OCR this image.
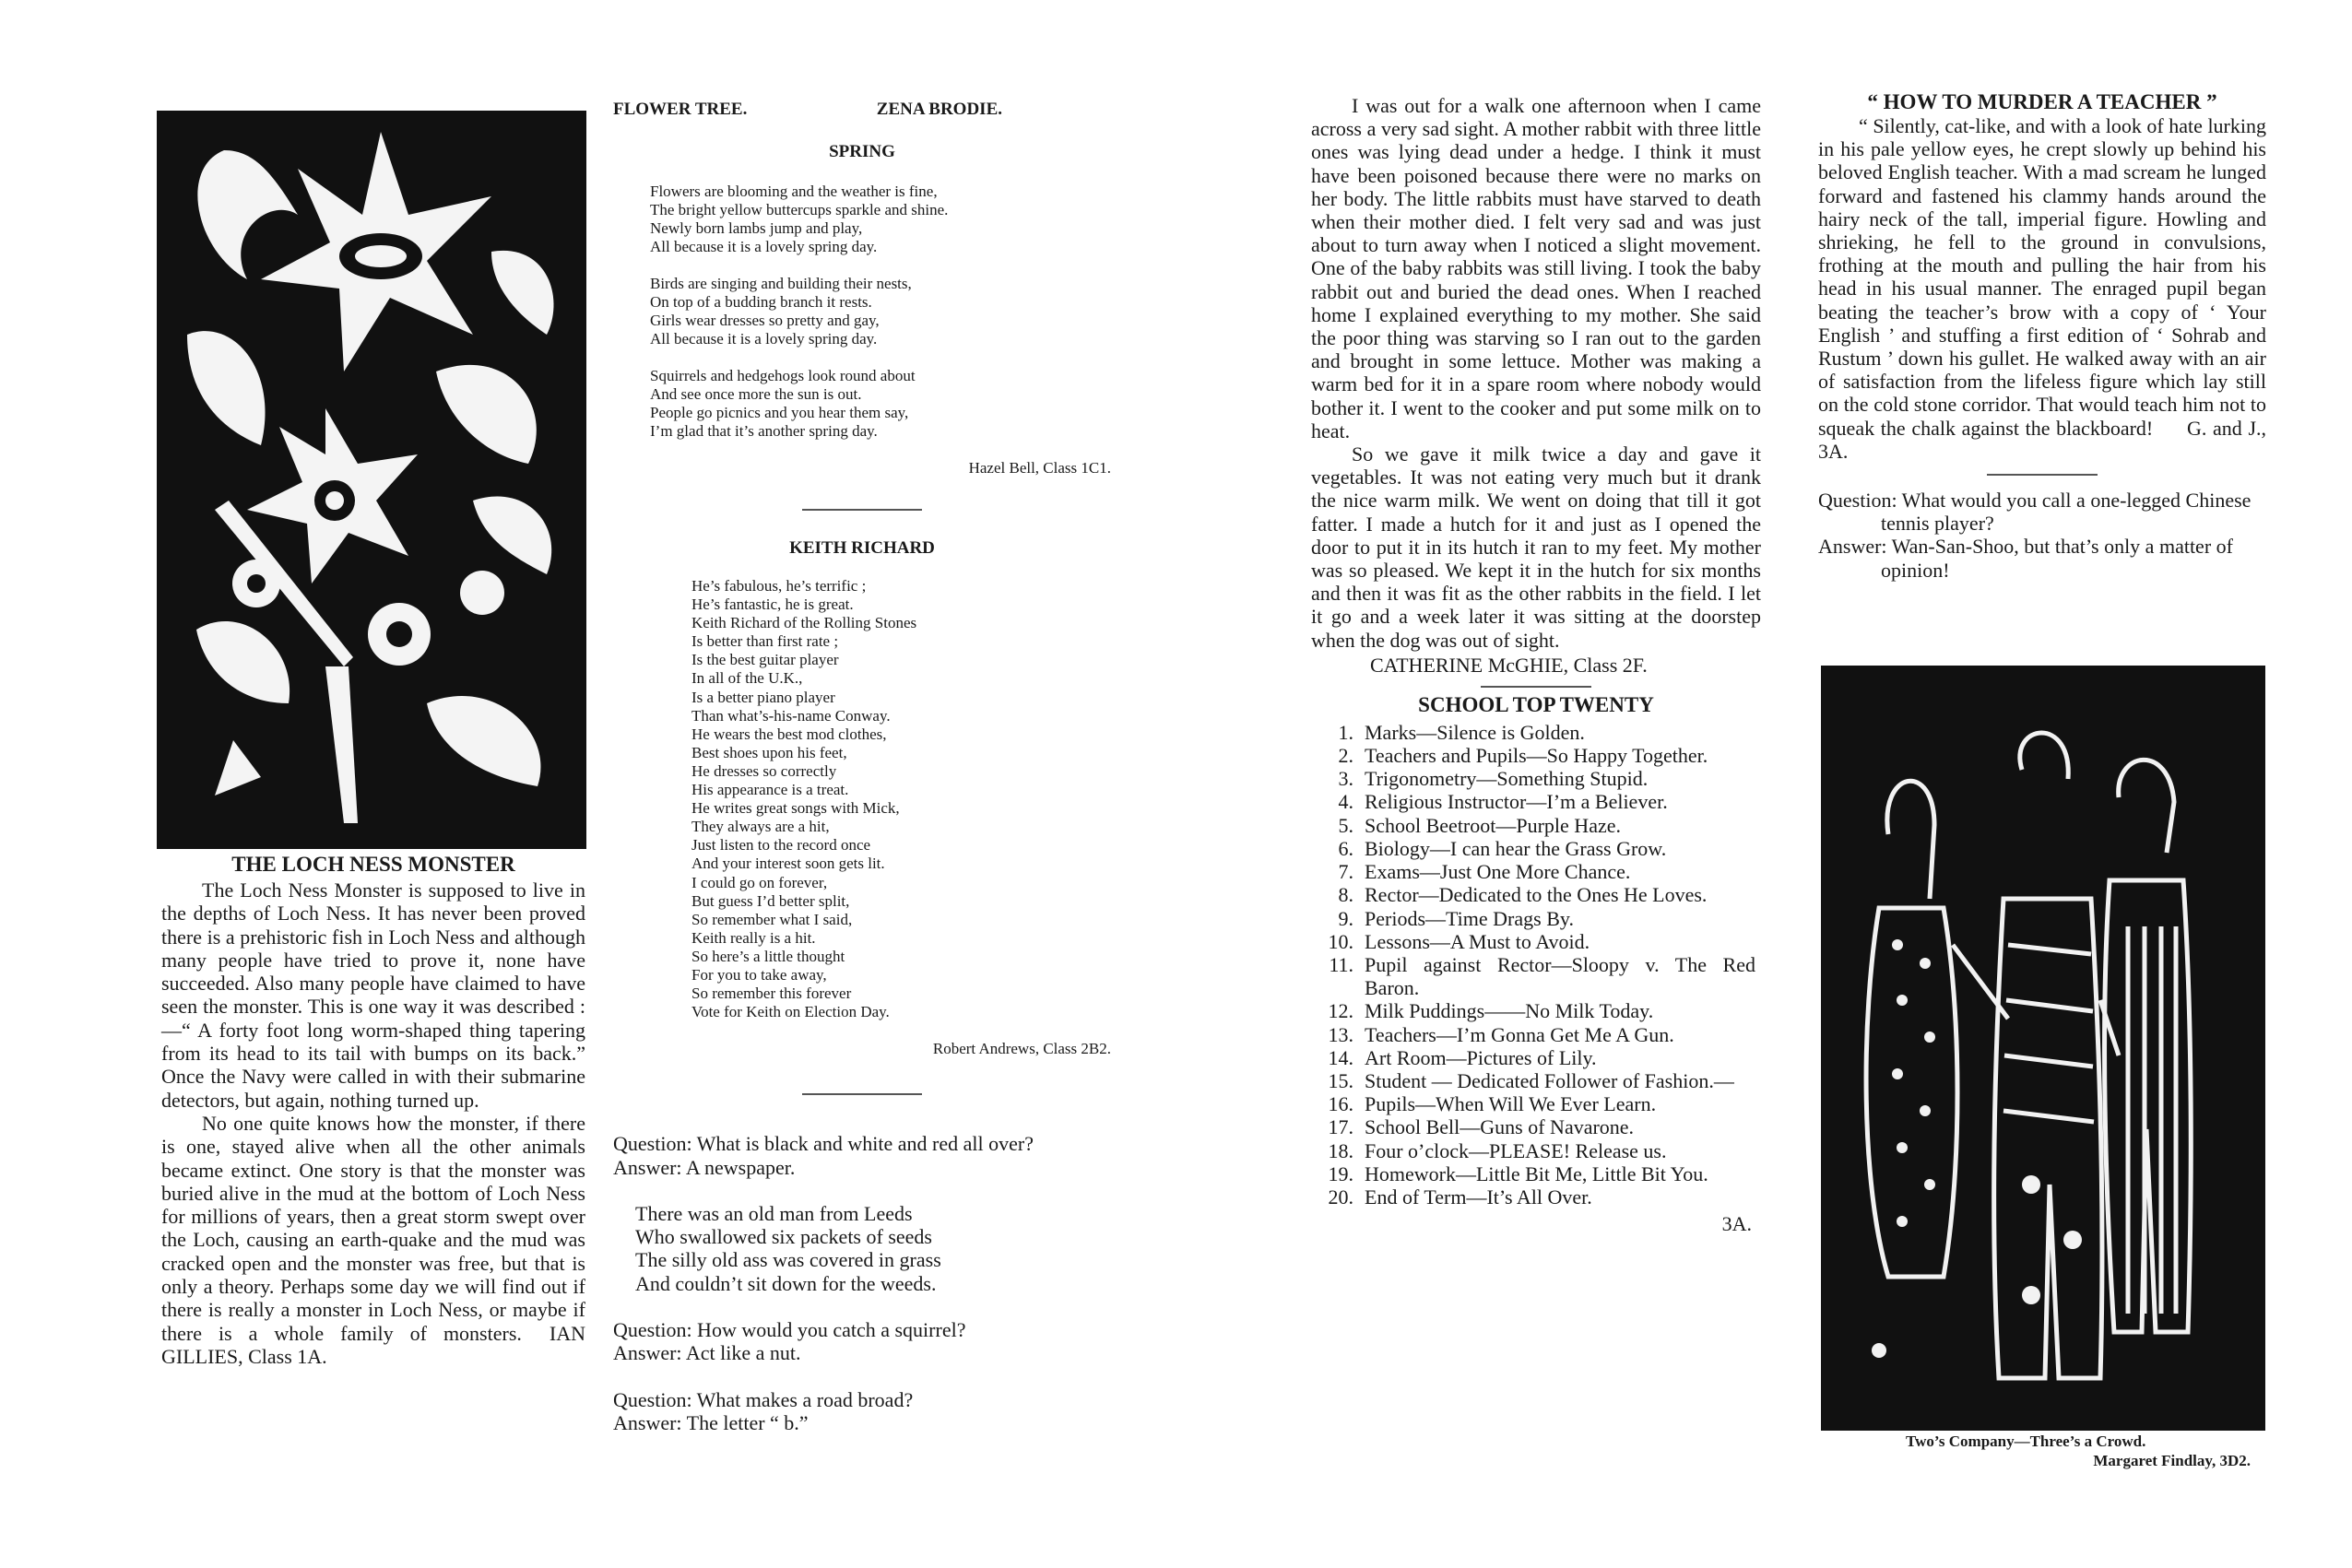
THE LOCH NESS MONSTER
The Loch Ness Monster is supposed to live in the depths of Loch Ness. It has never been proved there is a prehistoric fish in Loch Ness and although many people have tried to prove it, none have succeeded. Also many people have claimed to have seen the monster. This is one way it was described :—“ A forty foot long worm-shaped thing tapering from its head to its tail with bumps on its back.” Once the Navy were called in with their submarine detectors, but again, nothing turned up.
No one quite knows how the monster, if there is one, stayed alive when all the other animals became extinct. One story is that the monster was buried alive in the mud at the bottom of Loch Ness for millions of years, then a great storm swept over the Loch, causing an earth-quake and the mud was cracked open and the monster was free, but that is only a theory. Perhaps some day we will find out if there is really a monster in Loch Ness, or maybe if there is a whole family of monsters. IAN GILLIES, Class 1A.
FLOWER TREE.	ZENA BRODIE.
SPRING
Flowers are blooming and the weather is fine,
The bright yellow buttercups sparkle and shine.
Newly born lambs jump and play,
All because it is a lovely spring day.
Birds are singing and building their nests,
On top of a budding branch it rests.
Girls wear dresses so pretty and gay,
All because it is a lovely spring day.
Squirrels and hedgehogs look round about
And see once more the sun is out.
People go picnics and you hear them say,
I’m glad that it’s another spring day.
Hazel Bell, Class 1C1.
KEITH RICHARD
He’s fabulous, he’s terrific ;
He’s fantastic, he is great.
Keith Richard of the Rolling Stones
Is better than first rate ;
Is the best guitar player
In all of the U.K.,
Is a better piano player
Than what’s-his-name Conway.
He wears the best mod clothes,
Best shoes upon his feet,
He dresses so correctly
His appearance is a treat.
He writes great songs with Mick,
They always are a hit,
Just listen to the record once
And your interest soon gets lit.
I could go on forever,
But guess I’d better split,
So remember what I said,
Keith really is a hit.
So here’s a little thought
For you to take away,
So remember this forever
Vote for Keith on Election Day.
Robert Andrews, Class 2B2.

Question: What is black and white and red all over?

Answer: A newspaper.

There was an old man from Leeds
Who swallowed six packets of seeds
The silly old ass was covered in grass
And couldn’t sit down for the weeds.

Question: How would you catch a squirrel?

Answer: Act like a nut.

Question: What makes a road broad?

Answer: The letter “ b.”

I was out for a walk one afternoon when I came across a very sad sight. A mother rabbit with three little ones was lying dead under a hedge. I think it must have been poisoned because there were no marks on her body. The little rabbits must have starved to death when their mother died. I felt very sad and was just about to turn away when I noticed a slight movement. One of the baby rabbits was still living. I took the baby rabbit out and buried the dead ones. When I reached home I explained everything to my mother. She said the poor thing was starving so I ran out to the garden and brought in some lettuce. Mother was making a warm bed for it in a spare room where nobody would bother it. I went to the cooker and put some milk on to heat.
So we gave it milk twice a day and gave it vegetables. It was not eating very much but it drank the nice warm milk. We went on doing that till it got fatter. I made a hutch for it and just as I opened the door to put it in its hutch it ran to my feet. My mother was so pleased. We kept it in the hutch for six months and then it was fit as the other rabbits in the field. I let it go and a week later it was sitting at the doorstep when the dog was out of sight.
CATHERINE McGHIE, Class 2F.
SCHOOL TOP TWENTY
1. Marks—Silence is Golden.
2. Teachers and Pupils—So Happy Together.
3. Trigonometry—Something Stupid.
4. Religious Instructor—I’m a Believer.
5. School Beetroot—Purple Haze.
6. Biology—I can hear the Grass Grow.
7. Exams—Just One More Chance.
8. Rector—Dedicated to the Ones He Loves.
9. Periods—Time Drags By.
10. Lessons—A Must to Avoid.
11. Pupil against Rector—Sloopy v. The Red Baron.
12. Milk Puddings——No Milk Today.
13. Teachers—I’m Gonna Get Me A Gun.
14. Art Room—Pictures of Lily.
15. Student — Dedicated Follower of Fashion.—
16. Pupils—When Will We Ever Learn.
17. School Bell—Guns of Navarone.
18. Four o’clock—PLEASE! Release us.
19. Homework—Little Bit Me, Little Bit You.
20. End of Term—It’s All Over.
3A.
“ HOW TO MURDER A TEACHER ”
“ Silently, cat-like, and with a look of hate lurking in his pale yellow eyes, he crept slowly up behind his beloved English teacher. With a mad scream he lunged forward and fastened his clammy hands around the hairy neck of the tall, imperial figure. Howling and shrieking, he fell to the ground in convulsions, frothing at the mouth and pulling the hair from his head in his usual manner. The enraged pupil began beating the teacher’s brow with a copy of ‘ Your English ’ and stuffing a first edition of ‘ Sohrab and Rustum ’ down his gullet. He walked away with an air of satisfaction from the lifeless figure which lay still on the cold stone corridor. That would teach him not to squeak the chalk against the blackboard! G. and J., 3A.

Question: What would you call a one-legged Chinese tennis player?

Answer: Wan-San-Shoo, but that’s only a matter of opinion!

Two’s Company—Three’s a Crowd.
Margaret Findlay, 3D2.
